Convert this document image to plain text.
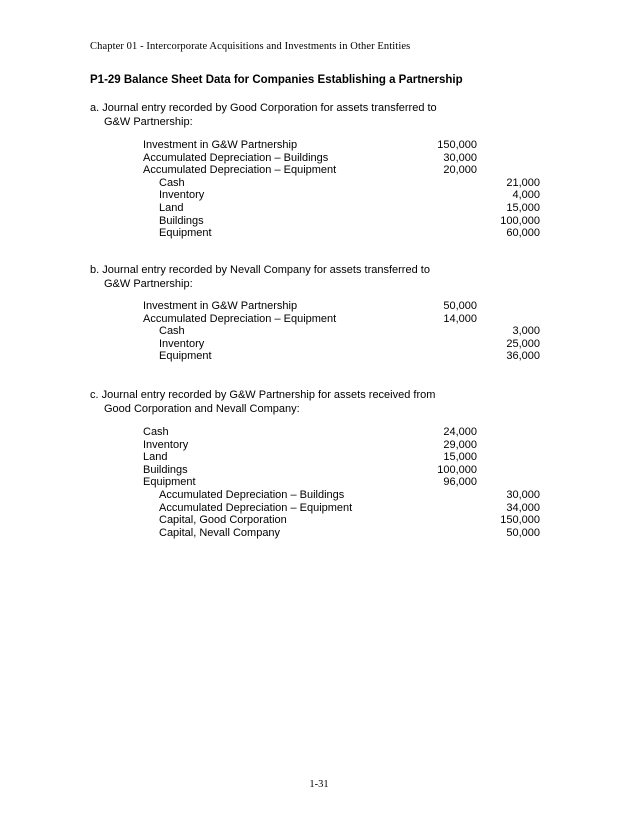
Chapter 01 - Intercorporate Acquisitions and Investments in Other Entities
P1-29 Balance Sheet Data for Companies Establishing a Partnership
a. Journal entry recorded by Good Corporation for assets transferred to
G&W Partnership:
Investment in G&W Partnership	150,000
Accumulated Depreciation – Buildings	30,000
Accumulated Depreciation – Equipment	20,000
Cash	21,000
Inventory	4,000
Land	15,000
Buildings	100,000
Equipment	60,000
b. Journal entry recorded by Nevall Company for assets transferred to
G&W Partnership:
Investment in G&W Partnership	50,000
Accumulated Depreciation – Equipment	14,000
Cash	3,000
Inventory	25,000
Equipment	36,000
c. Journal entry recorded by G&W Partnership for assets received from
Good Corporation and Nevall Company:
Cash	24,000
Inventory	29,000
Land	15,000
Buildings	100,000
Equipment	96,000
Accumulated Depreciation – Buildings	30,000
Accumulated Depreciation – Equipment	34,000
Capital, Good Corporation	150,000
Capital, Nevall Company	50,000
1-31
